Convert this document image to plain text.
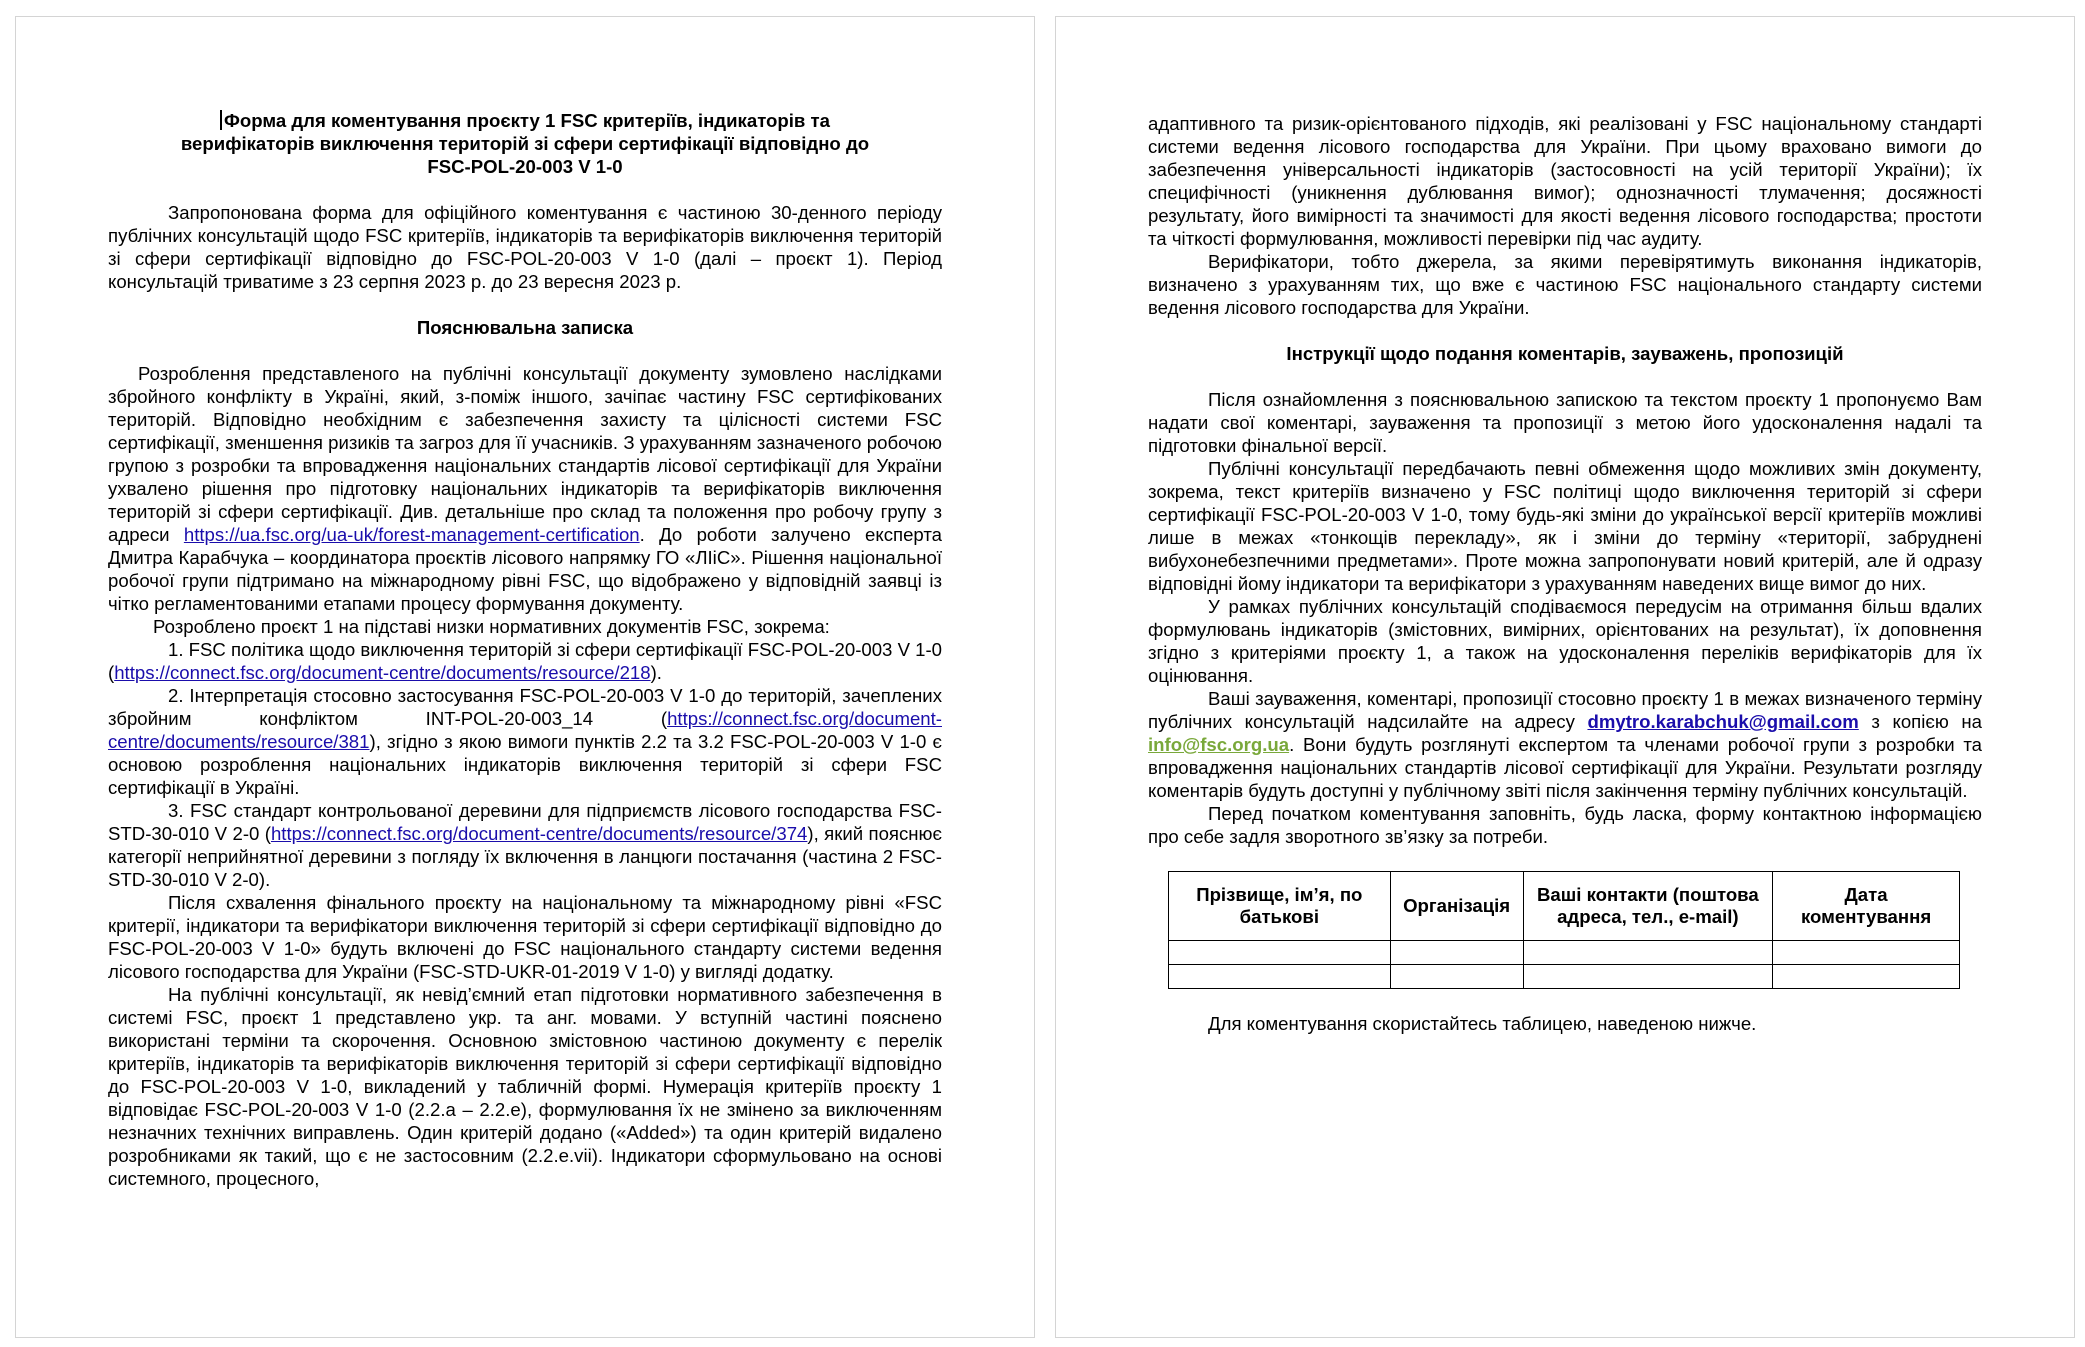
Форма для коментування проєкту 1 FSC критеріїв, індикаторів та
верифікаторів виключення територій зі сфери сертифікації відповідно до
FSC-POL-20-003 V 1-0

Запропонована форма для офіційного коментування є частиною 30-денного періоду публічних консультацій щодо FSC критеріїв, індикаторів та верифікаторів виключення територій зі сфери сертифікації відповідно до FSC-POL-20-003 V 1-0 (далі – проєкт 1). Період консультацій триватиме з 23 серпня 2023 р. до 23 вересня 2023 р.

Пояснювальна записка

Розроблення представленого на публічні консультації документу зумовлено наслідками збройного конфлікту в Україні, який, з-поміж іншого, зачіпає частину FSC сертифікованих територій. Відповідно необхідним є забезпечення захисту та цілісності системи FSC сертифікації, зменшення ризиків та загроз для її учасників. З урахуванням зазначеного робочою групою з розробки та впровадження національних стандартів лісової сертифікації для України ухвалено рішення про підготовку національних індикаторів та верифікаторів виключення територій зі сфери сертифікації. Див. детальніше про склад та положення про робочу групу з адреси https://ua.fsc.org/ua-uk/forest-management-certification. До роботи залучено експерта Дмитра Карабчука – координатора проєктів лісового напрямку ГО «ЛІіС». Рішення національної робочої групи підтримано на міжнародному рівні FSC, що відображено у відповідній заявці із чітко регламентованими етапами процесу формування документу.

Розроблено проєкт 1 на підставі низки нормативних документів FSC, зокрема:

1. FSC політика щодо виключення територій зі сфери сертифікації FSC-POL-20-003 V 1-0 (https://connect.fsc.org/document-centre/documents/resource/218).

2. Інтерпретація стосовно застосування FSC-POL-20-003 V 1-0 до територій, зачеплених збройним конфліктом INT-POL-20-003_14 (https://connect.fsc.org/document-centre/documents/resource/381), згідно з якою вимоги пунктів 2.2 та 3.2 FSC-POL-20-003 V 1-0 є основою розроблення національних індикаторів виключення територій зі сфери FSC сертифікації в Україні.

3. FSC стандарт контрольованої деревини для підприємств лісового господарства FSC-STD-30-010 V 2-0 (https://connect.fsc.org/document-centre/documents/resource/374), який пояснює категорії неприйнятної деревини з погляду їх включення в ланцюги постачання (частина 2 FSC-STD-30-010 V 2-0).

Після схвалення фінального проєкту на національному та міжнародному рівні «FSC критерії, індикатори та верифікатори виключення територій зі сфери сертифікації відповідно до FSC-POL-20-003 V 1-0» будуть включені до FSC національного стандарту системи ведення лісового господарства для України (FSC-STD-UKR-01-2019 V 1-0) у вигляді додатку.

На публічні консультації, як невід’ємний етап підготовки нормативного забезпечення в системі FSC, проєкт 1 представлено укр. та анг. мовами. У вступній частині пояснено використані терміни та скорочення. Основною змістовною частиною документу є перелік критеріїв, індикаторів та верифікаторів виключення територій зі сфери сертифікації відповідно до FSC-POL-20-003 V 1-0, викладений у табличній формі. Нумерація критеріїв проєкту 1 відповідає FSC-POL-20-003 V 1-0 (2.2.a – 2.2.e), формулювання їх не змінено за виключенням незначних технічних виправлень. Один критерій додано («Added») та один критерій видалено розробниками як такий, що є не застосовним (2.2.e.vii). Індикатори сформульовано на основі системного, процесного,

адаптивного та ризик-орієнтованого підходів, які реалізовані у FSC національному стандарті системи ведення лісового господарства для України. При цьому враховано вимоги до забезпечення універсальності індикаторів (застосовності на усій території України); їх специфічності (уникнення дублювання вимог); однозначності тлумачення; досяжності результату, його вимірності та значимості для якості ведення лісового господарства; простоти та чіткості формулювання, можливості перевірки під час аудиту.

Верифікатори, тобто джерела, за якими перевірятимуть виконання індикаторів, визначено з урахуванням тих, що вже є частиною FSC національного стандарту системи ведення лісового господарства для України.

Інструкції щодо подання коментарів, зауважень, пропозицій

Після ознайомлення з пояснювальною запискою та текстом проєкту 1 пропонуємо Вам надати свої коментарі, зауваження та пропозиції з метою його удосконалення надалі та підготовки фінальної версії.

Публічні консультації передбачають певні обмеження щодо можливих змін документу, зокрема, текст критеріїв визначено у FSC політиці щодо виключення територій зі сфери сертифікації FSC-POL-20-003 V 1-0, тому будь-які зміни до української версії критеріїв можливі лише в межах «тонкощів перекладу», як і зміни до терміну «території, забруднені вибухонебезпечними предметами». Проте можна запропонувати новий критерій, але й одразу відповідні йому індикатори та верифікатори з урахуванням наведених вище вимог до них.

У рамках публічних консультацій сподіваємося передусім на отримання більш вдалих формулювань індикаторів (змістовних, вимірних, орієнтованих на результат), їх доповнення згідно з критеріями проєкту 1, а також на удосконалення переліків верифікаторів для їх оцінювання.

Ваші зауваження, коментарі, пропозиції стосовно проєкту 1 в межах визначеного терміну публічних консультацій надсилайте на адресу dmytro.karabchuk@gmail.com з копією на info@fsc.org.ua. Вони будуть розглянуті експертом та членами робочої групи з розробки та впровадження національних стандартів лісової сертифікації для України. Результати розгляду коментарів будуть доступні у публічному звіті після закінчення терміну публічних консультацій.

Перед початком коментування заповніть, будь ласка, форму контактною інформацією про себе задля зворотного зв’язку за потреби.

Прізвище, ім’я, по батькові	Організація	Ваші контакти (поштова адреса, тел., e-mail)	Дата коментування

Для коментування скористайтесь таблицею, наведеною нижче.
